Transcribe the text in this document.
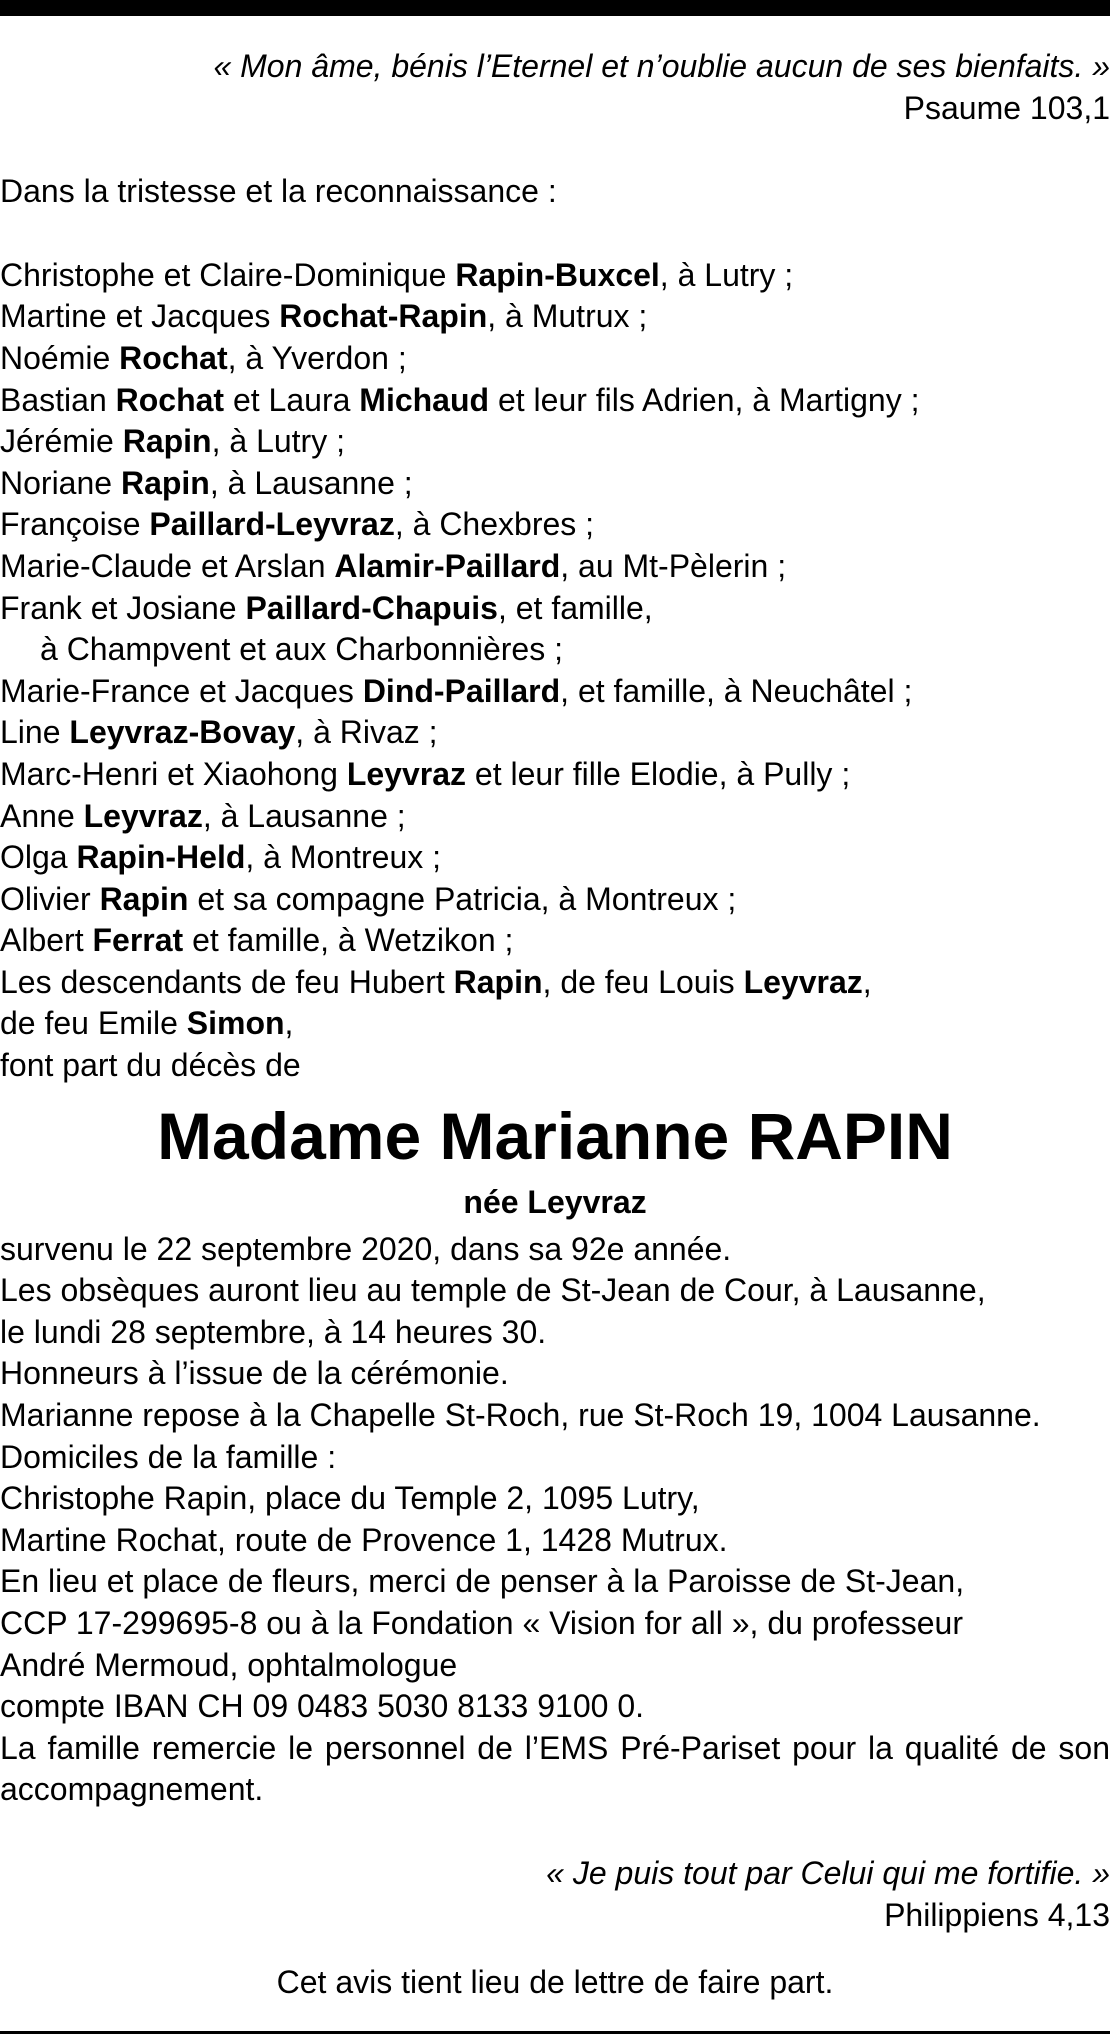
« Mon âme, bénis l’Eternel et n’oublie aucun de ses bienfaits. »
Psaume 103,1
Dans la tristesse et la reconnaissance :
Christophe et Claire-Dominique Rapin-Buxcel, à Lutry ;
Martine et Jacques Rochat-Rapin, à Mutrux ;
Noémie Rochat, à Yverdon ;
Bastian Rochat et Laura Michaud et leur fils Adrien, à Martigny ;
Jérémie Rapin, à Lutry ;
Noriane Rapin, à Lausanne ;
Françoise Paillard-Leyvraz, à Chexbres ;
Marie-Claude et Arslan Alamir-Paillard, au Mt-Pèlerin ;
Frank et Josiane Paillard-Chapuis, et famille,
à Champvent et aux Charbonnières ;
Marie-France et Jacques Dind-Paillard, et famille, à Neuchâtel ;
Line Leyvraz-Bovay, à Rivaz ;
Marc-Henri et Xiaohong Leyvraz et leur fille Elodie, à Pully ;
Anne Leyvraz, à Lausanne ;
Olga Rapin-Held, à Montreux ;
Olivier Rapin et sa compagne Patricia, à Montreux ;
Albert Ferrat et famille, à Wetzikon ;
Les descendants de feu Hubert Rapin, de feu Louis Leyvraz,
de feu Emile Simon,
font part du décès de
Madame Marianne RAPIN
née Leyvraz
survenu le 22 septembre 2020, dans sa 92e année.
Les obsèques auront lieu au temple de St-Jean de Cour, à Lausanne,
le lundi 28 septembre, à 14 heures 30.
Honneurs à l’issue de la cérémonie.
Marianne repose à la Chapelle St-Roch, rue St-Roch 19, 1004 Lausanne.
Domiciles de la famille :
Christophe Rapin, place du Temple 2, 1095 Lutry,
Martine Rochat, route de Provence 1, 1428 Mutrux.
En lieu et place de fleurs, merci de penser à la Paroisse de St-Jean,
CCP 17-299695-8 ou à la Fondation « Vision for all », du professeur
André Mermoud, ophtalmologue
compte IBAN CH 09 0483 5030 8133 9100 0.
La famille remercie le personnel de l’EMS Pré-Pariset pour la qualité de son accompagnement.
« Je puis tout par Celui qui me fortifie. »
Philippiens 4,13
Cet avis tient lieu de lettre de faire part.
